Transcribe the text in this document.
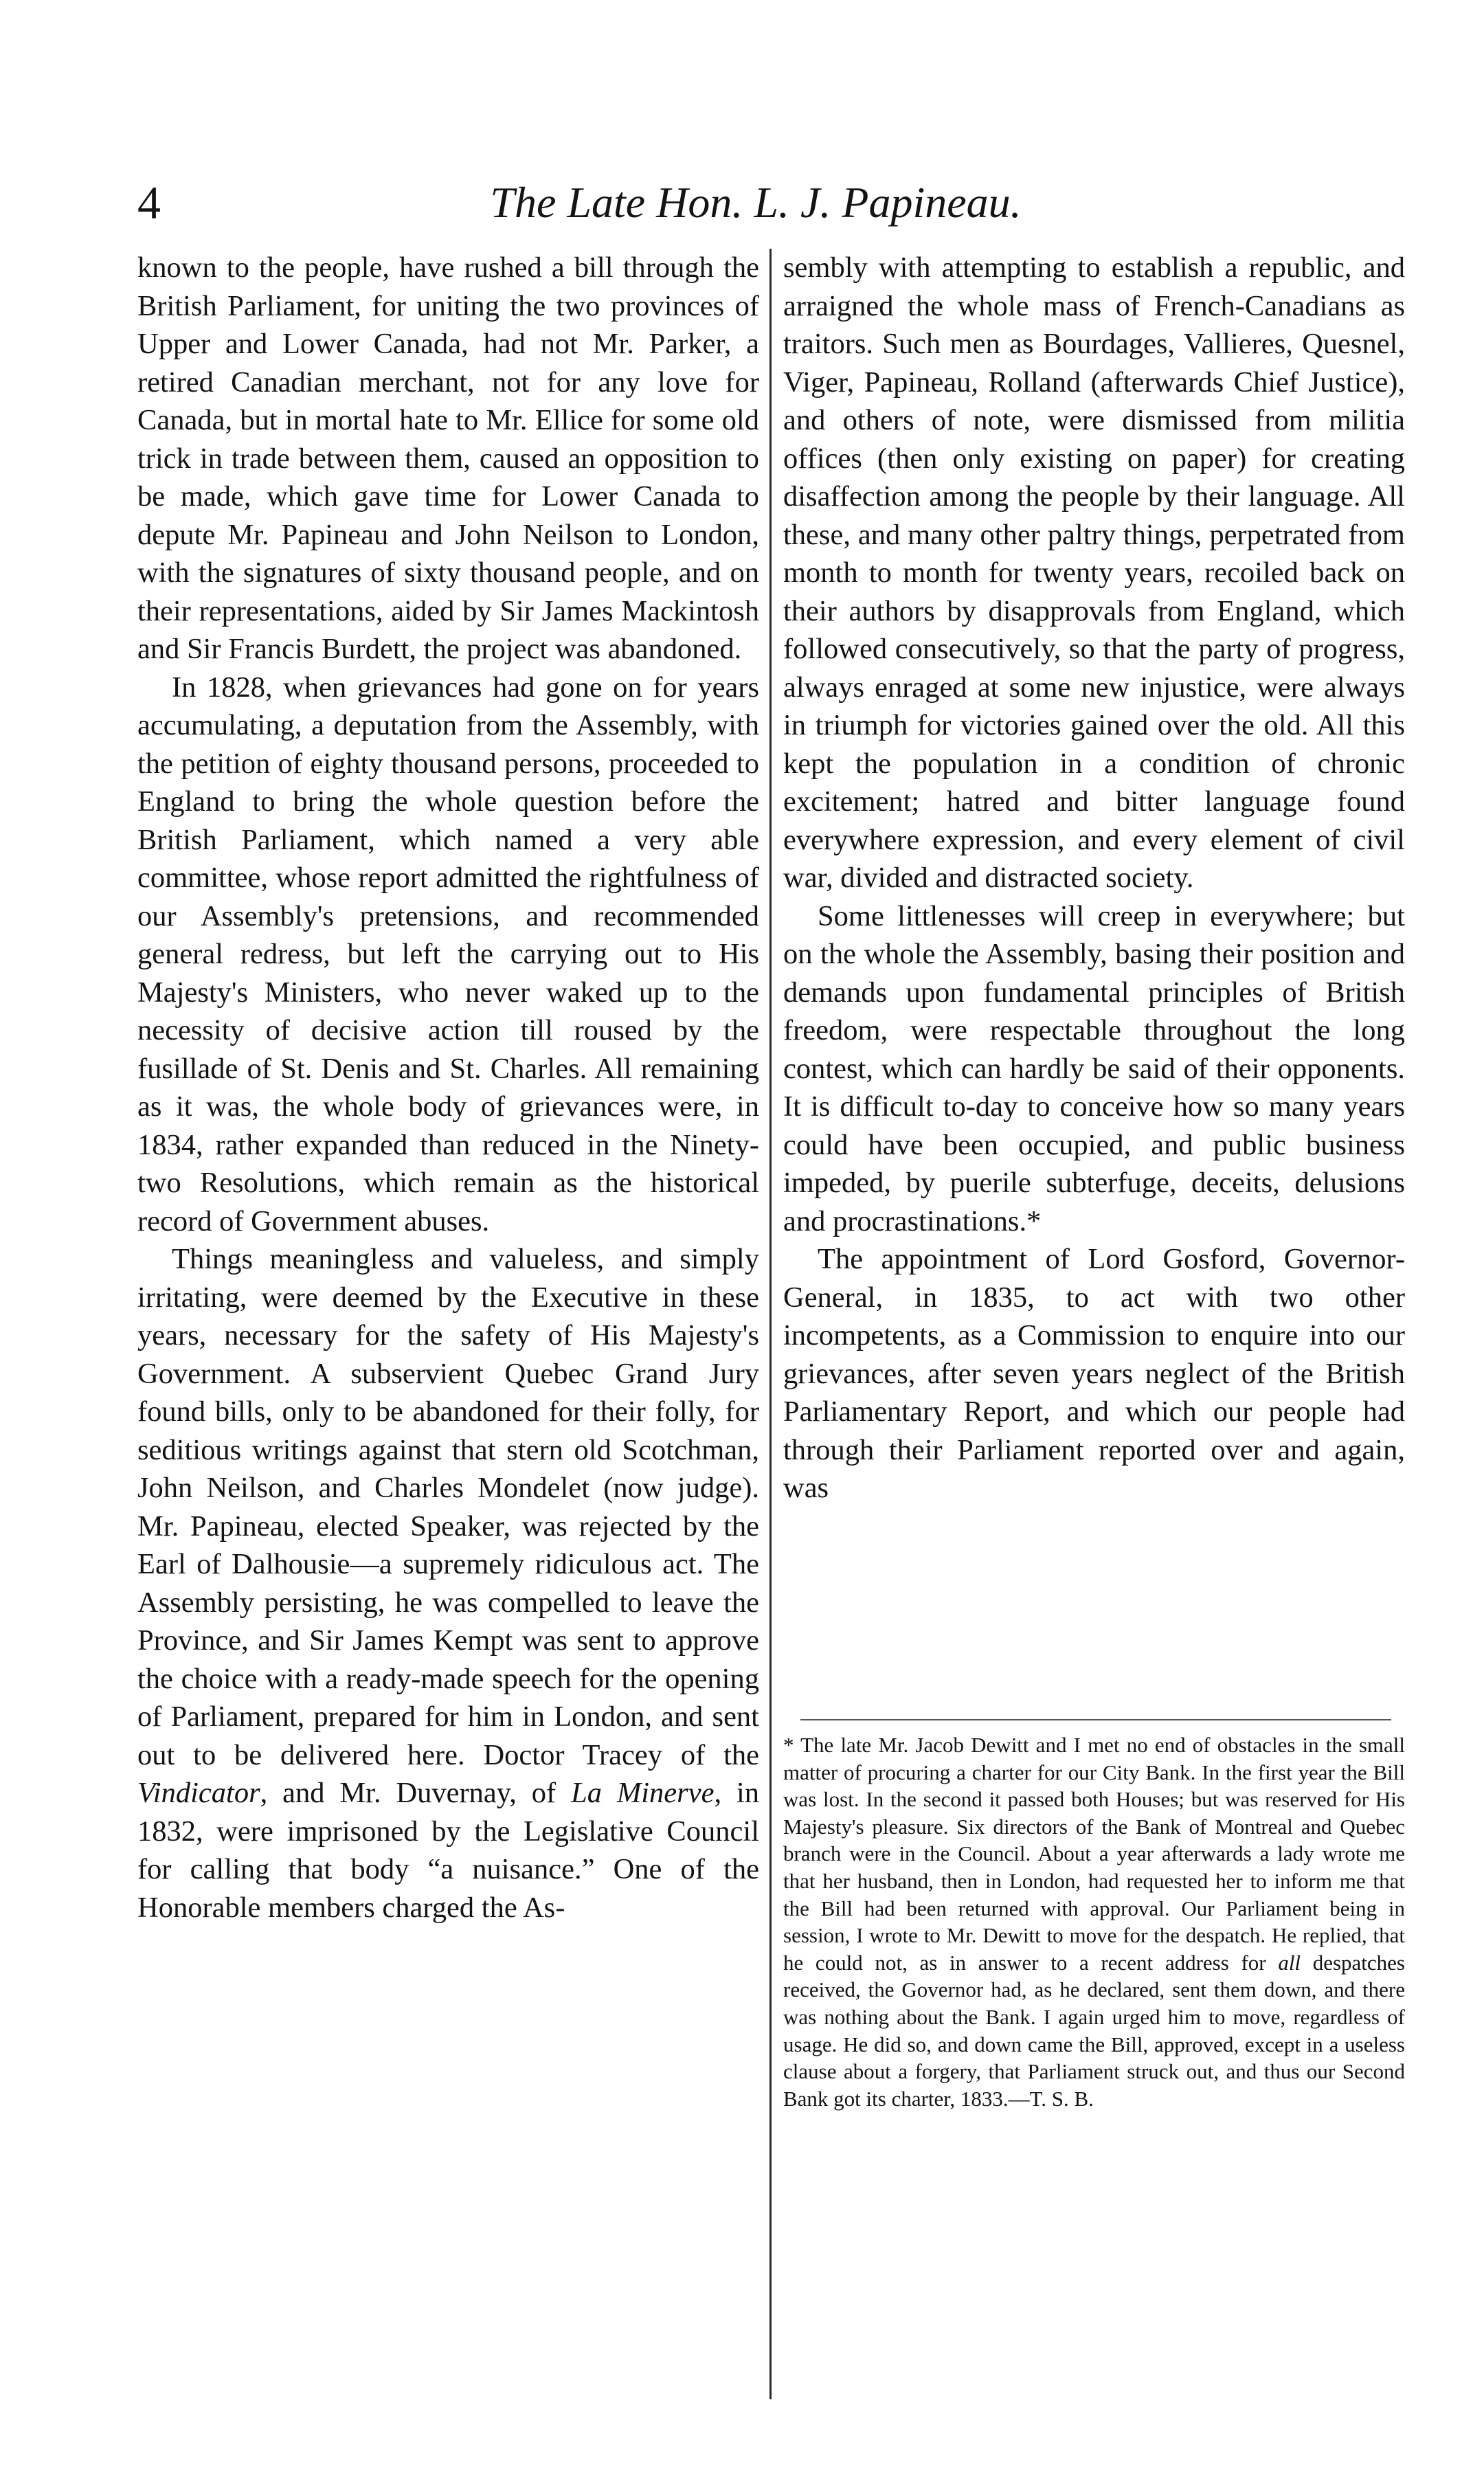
4	The Late Hon. L. J. Papineau.

known to the people, have rushed a bill through the British Parliament, for uniting the two provinces of Upper and Lower Canada, had not Mr. Parker, a retired Canadian merchant, not for any love for Canada, but in mortal hate to Mr. Ellice for some old trick in trade between them, caused an opposition to be made, which gave time for Lower Canada to depute Mr. Papineau and John Neilson to London, with the signatures of sixty thousand people, and on their representations, aided by Sir James Mackintosh and Sir Francis Burdett, the project was abandoned.

In 1828, when grievances had gone on for years accumulating, a deputation from the Assembly, with the petition of eighty thousand persons, proceeded to England to bring the whole question before the British Parliament, which named a very able committee, whose report admitted the rightfulness of our Assembly's pretensions, and recommended general redress, but left the carrying out to His Majesty's Ministers, who never waked up to the necessity of decisive action till roused by the fusillade of St. Denis and St. Charles. All remaining as it was, the whole body of grievances were, in 1834, rather expanded than reduced in the Ninety-two Resolutions, which remain as the historical record of Government abuses.

Things meaningless and valueless, and simply irritating, were deemed by the Executive in these years, necessary for the safety of His Majesty's Government. A subservient Quebec Grand Jury found bills, only to be abandoned for their folly, for seditious writings against that stern old Scotchman, John Neilson, and Charles Mondelet (now judge). Mr. Papineau, elected Speaker, was rejected by the Earl of Dalhousie—a supremely ridiculous act. The Assembly persisting, he was compelled to leave the Province, and Sir James Kempt was sent to approve the choice with a ready-made speech for the opening of Parliament, prepared for him in London, and sent out to be delivered here. Doctor Tracey of the Vindicator, and Mr. Duvernay, of La Minerve, in 1832, were imprisoned by the Legislative Council for calling that body “a nuisance.” One of the Honorable members charged the As-

sembly with attempting to establish a republic, and arraigned the whole mass of French-Canadians as traitors. Such men as Bourdages, Vallieres, Quesnel, Viger, Papineau, Rolland (afterwards Chief Justice), and others of note, were dismissed from militia offices (then only existing on paper) for creating disaffection among the people by their language. All these, and many other paltry things, perpetrated from month to month for twenty years, recoiled back on their authors by disapprovals from England, which followed consecutively, so that the party of progress, always enraged at some new injustice, were always in triumph for victories gained over the old. All this kept the population in a condition of chronic excitement; hatred and bitter language found everywhere expression, and every element of civil war, divided and distracted society.

Some littlenesses will creep in everywhere; but on the whole the Assembly, basing their position and demands upon fundamental principles of British freedom, were respectable throughout the long contest, which can hardly be said of their opponents. It is difficult to-day to conceive how so many years could have been occupied, and public business impeded, by puerile subterfuge, deceits, delusions and procrastinations.*

The appointment of Lord Gosford, Governor-General, in 1835, to act with two other incompetents, as a Commission to enquire into our grievances, after seven years neglect of the British Parliamentary Report, and which our people had through their Parliament reported over and again, was

* The late Mr. Jacob Dewitt and I met no end of obstacles in the small matter of procuring a charter for our City Bank. In the first year the Bill was lost. In the second it passed both Houses; but was reserved for His Majesty's pleasure. Six directors of the Bank of Montreal and Quebec branch were in the Council. About a year afterwards a lady wrote me that her husband, then in London, had requested her to inform me that the Bill had been returned with approval. Our Parliament being in session, I wrote to Mr. Dewitt to move for the despatch. He replied, that he could not, as in answer to a recent address for all despatches received, the Governor had, as he declared, sent them down, and there was nothing about the Bank. I again urged him to move, regardless of usage. He did so, and down came the Bill, approved, except in a useless clause about a forgery, that Parliament struck out, and thus our Second Bank got its charter, 1833.—T. S. B.
